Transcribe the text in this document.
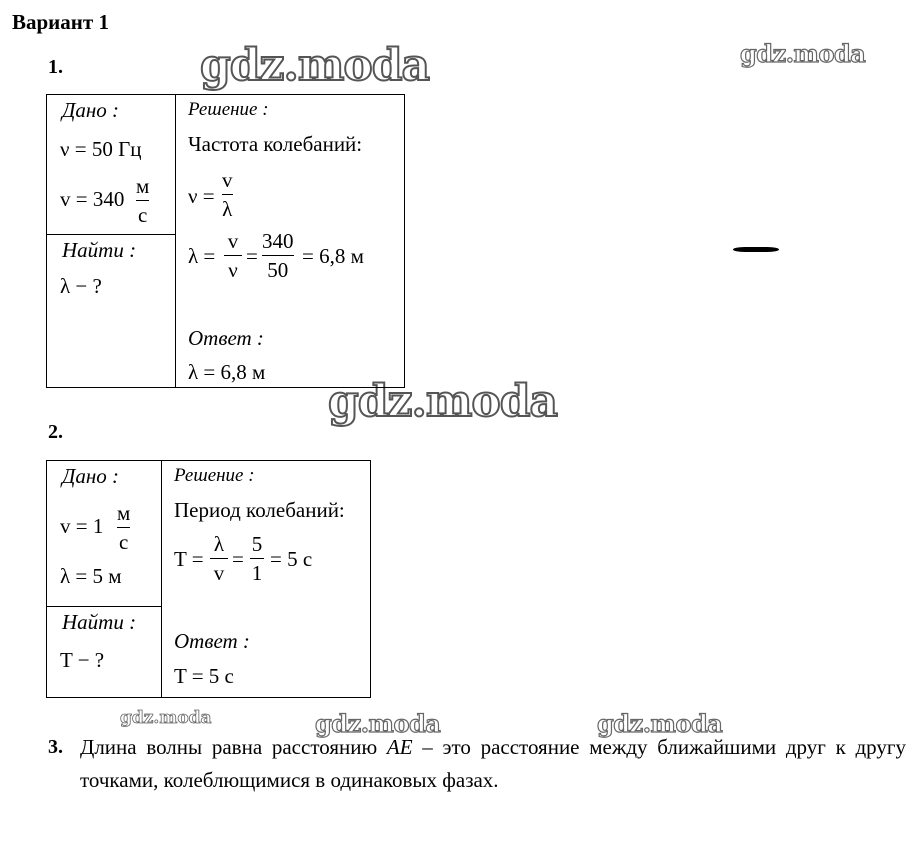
Вариант 1
gdz.moda	gdz.moda
gdz.moda
gdz.moda	gdz.moda	gdz.moda
1.
Дано :
ν = 50 Гц
v = 340
м
с
Найти :
λ − ?
Решение :
Частота колебаний:
ν =
v
λ
λ =
v
ν
=
340
50
= 6,8 м
Ответ :
λ = 6,8 м
2.
Дано :
v = 1
м
с
λ = 5 м
Найти :
T − ?
Решение :
Период колебаний:
T =
λ
v
=
5
1
= 5 с
Ответ :
T = 5 с
3. Длина волны равна расстоянию AE – это расстояние между ближайшими друг к другу точками, колеблющимися в одинаковых фазах.
